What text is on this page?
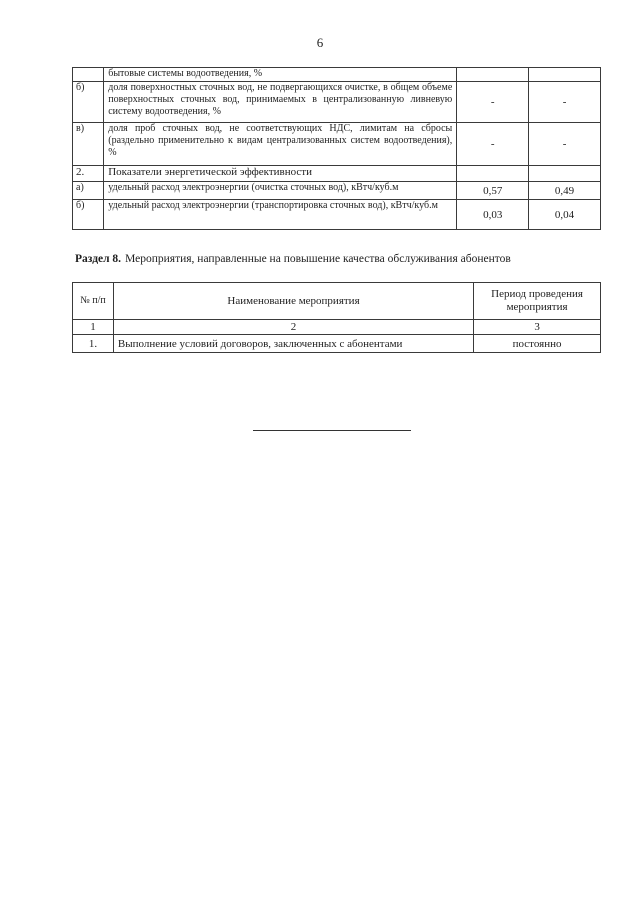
6
	бытовые системы водоотведения, %		
б)	доля поверхностных сточных вод, не подвергающихся очистке, в общем объеме поверхностных сточных вод, принимаемых в централизованную ливневую систему водоотведения, %	-	-
в)	доля проб сточных вод, не соответствующих НДС, лимитам на сбросы (раздельно применительно к видам централизованных систем водоотведения), %	-	-
2.	Показатели энергетической эффективности		
а)	удельный расход электроэнергии (очистка сточных вод), кВтч/куб.м	0,57	0,49
б)	удельный расход электроэнергии (транспортировка сточных вод), кВтч/куб.м	0,03	0,04
Раздел 8. Мероприятия, направленные на повышение качества обслуживания абонентов
№ п/п	Наименование мероприятия	Период проведения мероприятия
1	2	3
1.	Выполнение условий договоров, заключенных с абонентами	постоянно
